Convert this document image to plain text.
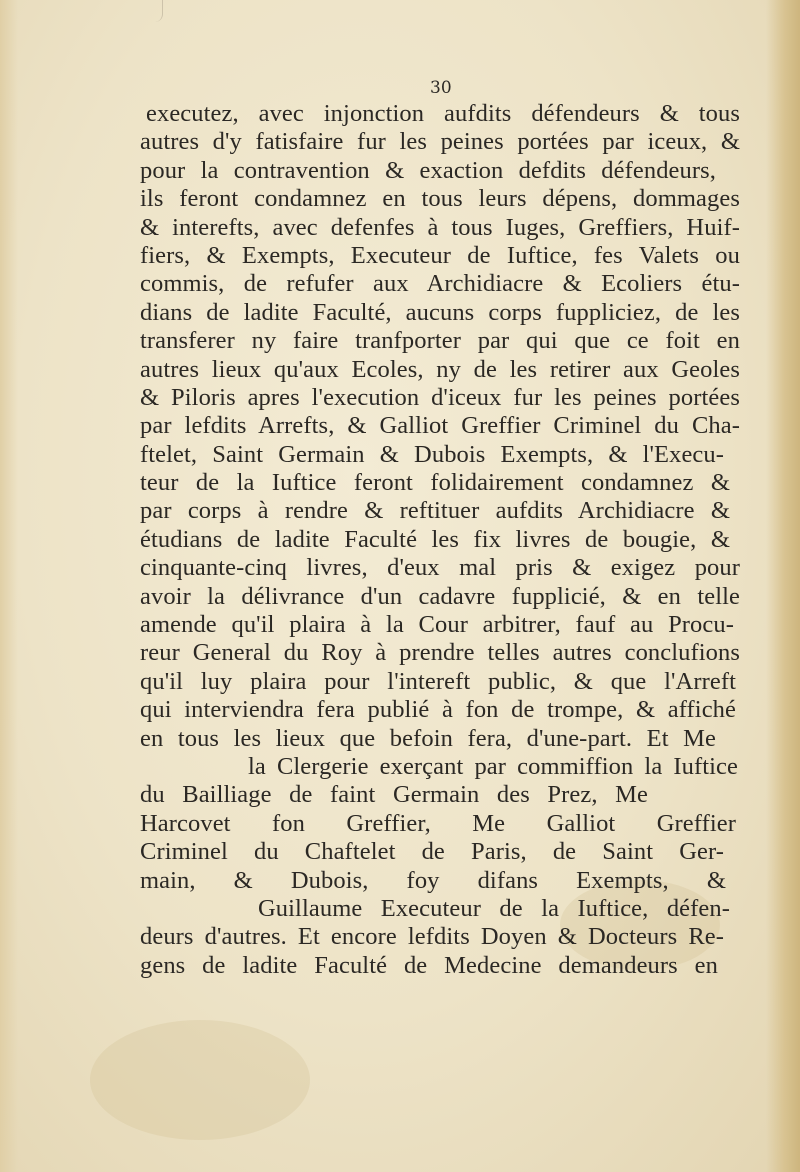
30
executez, avec injonction aufdits défendeurs & tous
autres d'y fatisfaire fur les peines portées par iceux, &
pour la contravention & exaction defdits défendeurs,
ils feront condamnez en tous leurs dépens, dommages
& interefts, avec defenfes à tous Iuges, Greffiers, Huif-
fiers, & Exempts, Executeur de Iuftice, fes Valets ou
commis, de refufer aux Archidiacre & Ecoliers étu-
dians de ladite Faculté, aucuns corps fuppliciez, de les
transferer ny faire tranfporter par qui que ce foit en
autres lieux qu'aux Ecoles, ny de les retirer aux Geoles
& Piloris apres l'execution d'iceux fur les peines portées
par lefdits Arrefts, & Galliot Greffier Criminel du Cha-
ftelet, Saint Germain & Dubois Exempts, & l'Execu-
teur de la Iuftice feront folidairement condamnez &
par corps à rendre & reftituer aufdits Archidiacre &
étudians de ladite Faculté les fix livres de bougie, &
cinquante-cinq livres, d'eux mal pris & exigez pour
avoir la délivrance d'un cadavre fupplicié, & en telle
amende qu'il plaira à la Cour arbitrer, fauf au Procu-
reur General du Roy à prendre telles autres conclufions
qu'il luy plaira pour l'intereft public, & que l'Arreft
qui interviendra fera publié à fon de trompe, & affiché
en tous les lieux que befoin fera, d'une-part. Et Me
la Clergerie exerçant par commiffion la Iuftice
du Bailliage de faint Germain des Prez, Me
Harcovet fon Greffier, Me Galliot Greffier
Criminel du Chaftelet de Paris, de Saint Ger-
main, & Dubois, foy difans Exempts, &
Guillaume Executeur de la Iuftice, défen-
deurs d'autres. Et encore lefdits Doyen & Docteurs Re-
gens de ladite Faculté de Medecine demandeurs en
